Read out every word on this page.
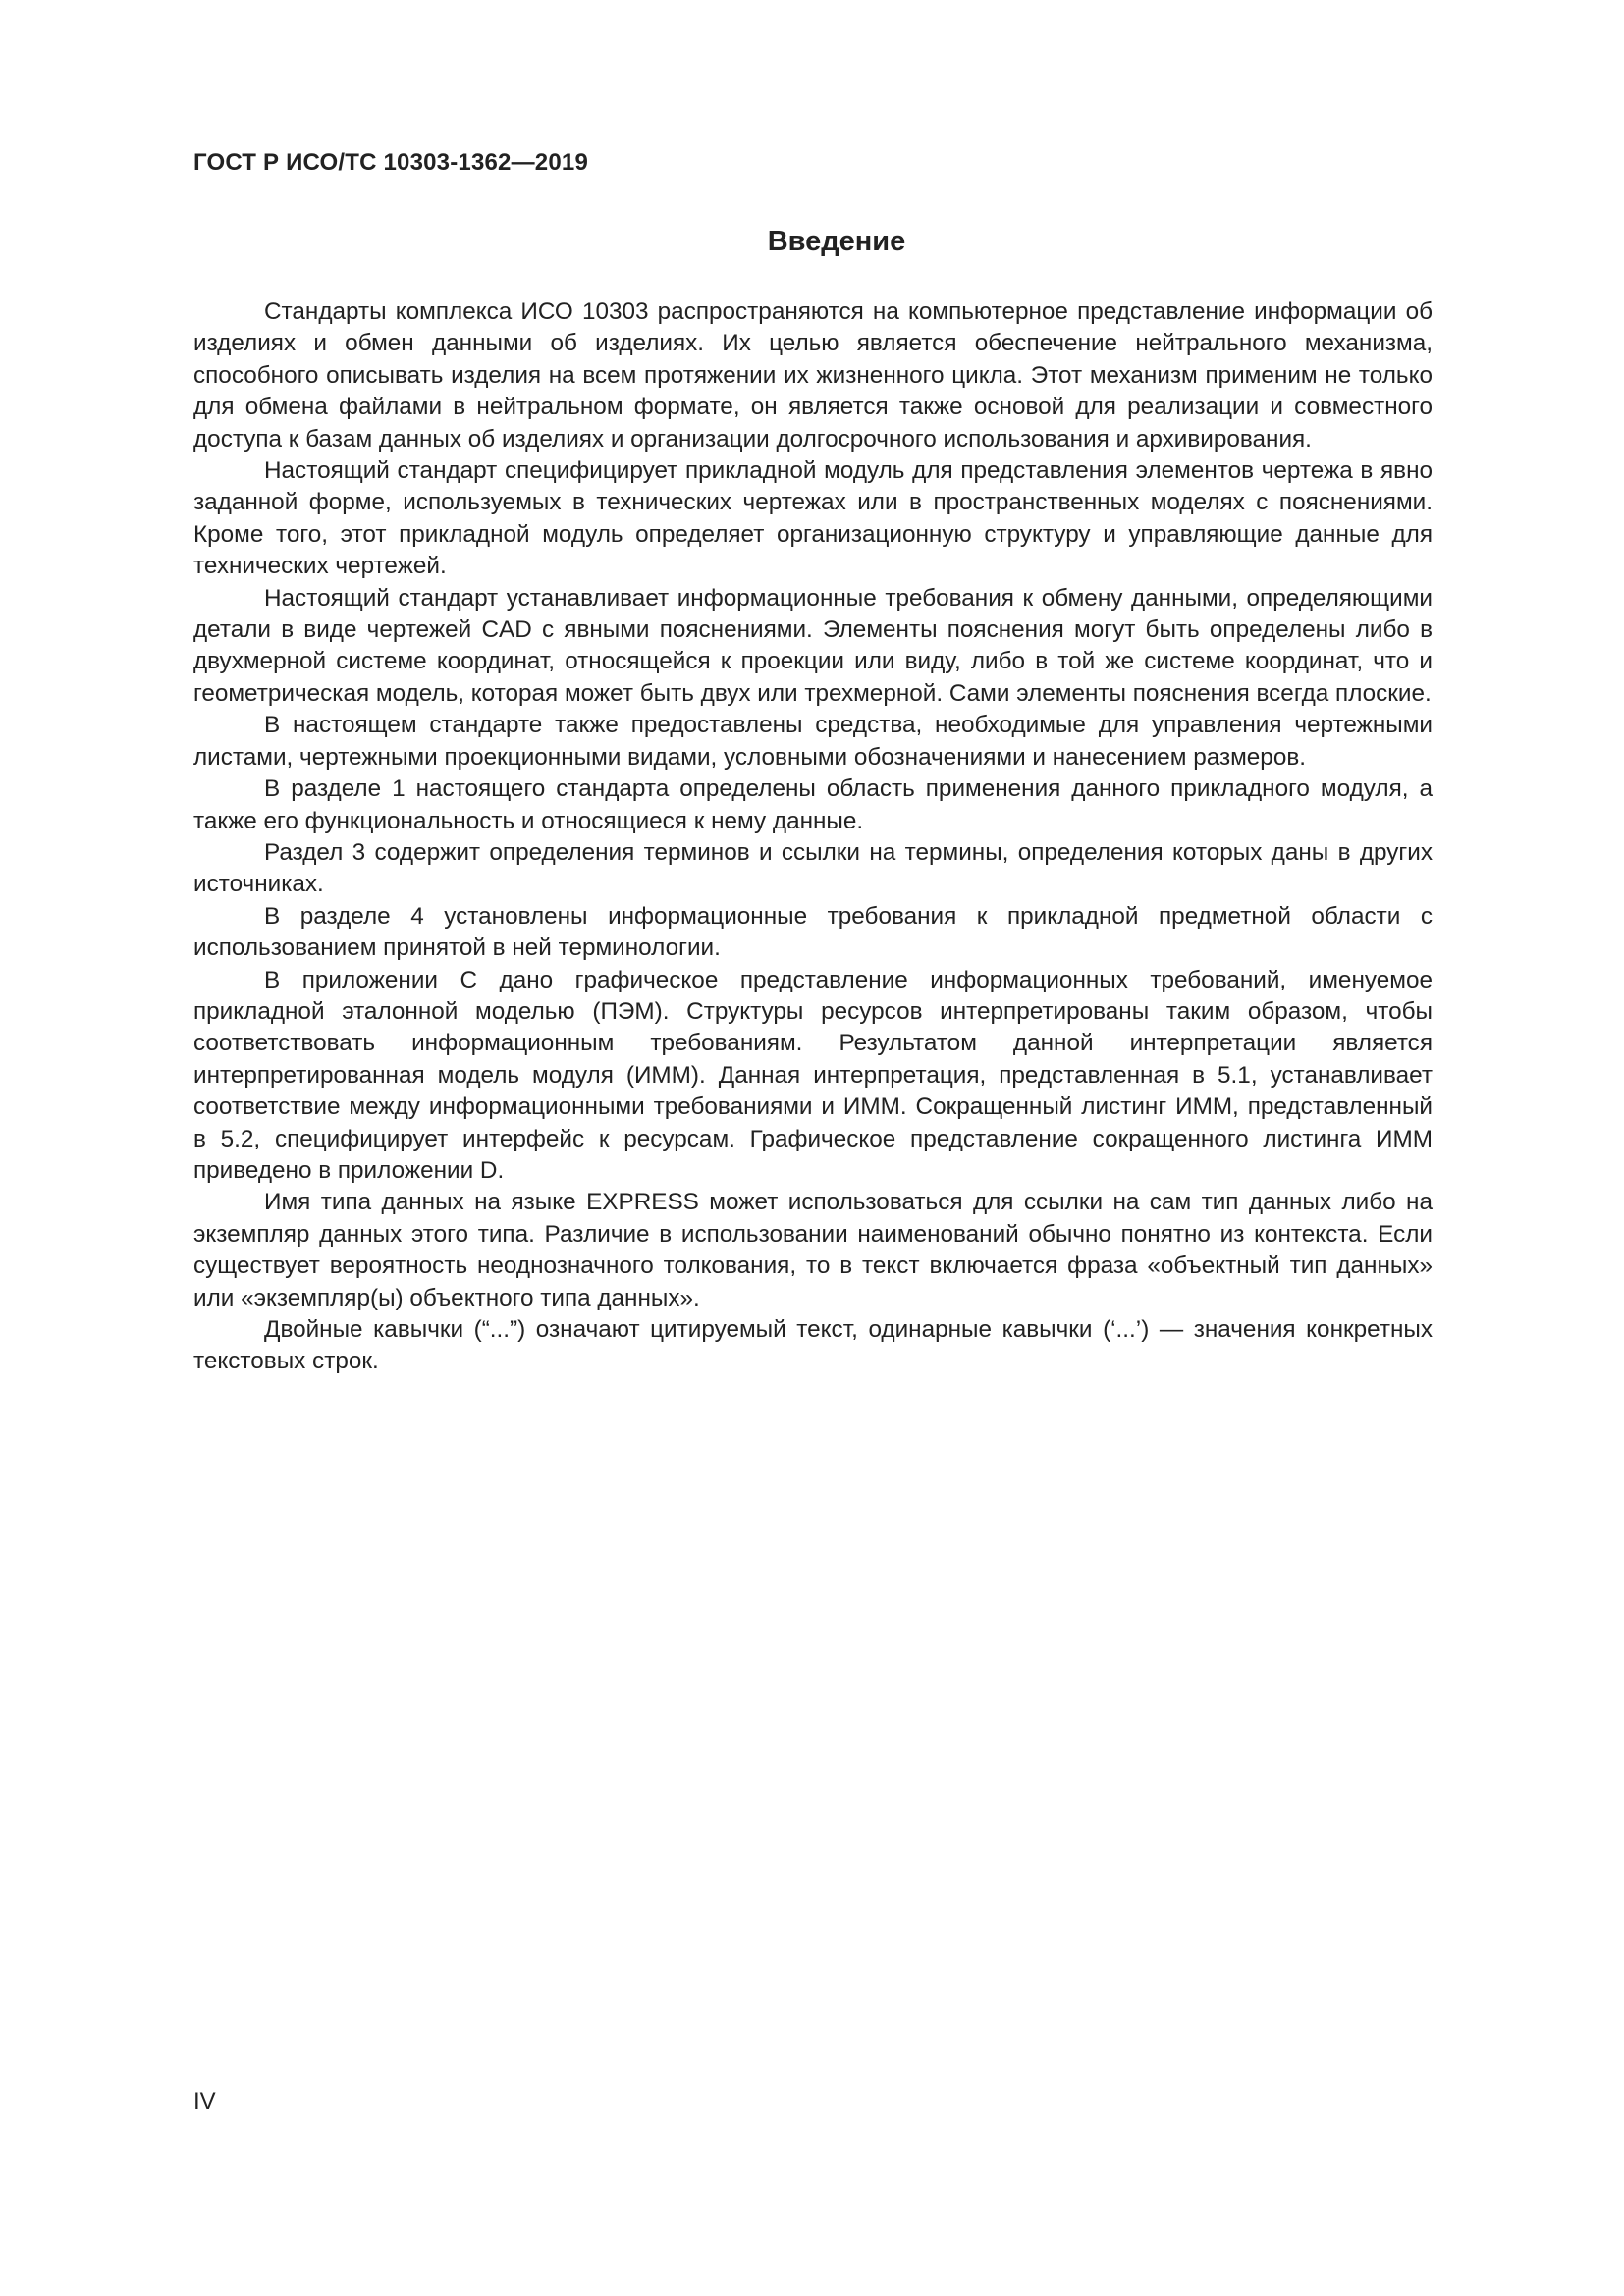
ГОСТ Р ИСО/ТС 10303-1362—2019
Введение

Стандарты комплекса ИСО 10303 распространяются на компьютерное представление информации об изделиях и обмен данными об изделиях. Их целью является обеспечение нейтрального механизма, способного описывать изделия на всем протяжении их жизненного цикла. Этот механизм применим не только для обмена файлами в нейтральном формате, он является также основой для реализации и совместного доступа к базам данных об изделиях и организации долгосрочного использования и архивирования.

Настоящий стандарт специфицирует прикладной модуль для представления элементов чертежа в явно заданной форме, используемых в технических чертежах или в пространственных моделях с пояснениями. Кроме того, этот прикладной модуль определяет организационную структуру и управляющие данные для технических чертежей.

Настоящий стандарт устанавливает информационные требования к обмену данными, определяющими детали в виде чертежей CAD с явными пояснениями. Элементы пояснения могут быть определены либо в двухмерной системе координат, относящейся к проекции или виду, либо в той же системе координат, что и геометрическая модель, которая может быть двух или трехмерной. Сами элементы пояснения всегда плоские.

В настоящем стандарте также предоставлены средства, необходимые для управления чертежными листами, чертежными проекционными видами, условными обозначениями и нанесением размеров.

В разделе 1 настоящего стандарта определены область применения данного прикладного модуля, а также его функциональность и относящиеся к нему данные.

Раздел 3 содержит определения терминов и ссылки на термины, определения которых даны в других источниках.

В разделе 4 установлены информационные требования к прикладной предметной области с использованием принятой в ней терминологии.

В приложении C дано графическое представление информационных требований, именуемое прикладной эталонной моделью (ПЭМ). Структуры ресурсов интерпретированы таким образом, чтобы соответствовать информационным требованиям. Результатом данной интерпретации является интерпретированная модель модуля (ИММ). Данная интерпретация, представленная в 5.1, устанавливает соответствие между информационными требованиями и ИММ. Сокращенный листинг ИММ, представленный в 5.2, специфицирует интерфейс к ресурсам. Графическое представление сокращенного листинга ИММ приведено в приложении D.

Имя типа данных на языке EXPRESS может использоваться для ссылки на сам тип данных либо на экземпляр данных этого типа. Различие в использовании наименований обычно понятно из контекста. Если существует вероятность неоднозначного толкования, то в текст включается фраза «объектный тип данных» или «экземпляр(ы) объектного типа данных».

Двойные кавычки (“...”) означают цитируемый текст, одинарные кавычки (‘...’) — значения конкретных текстовых строк.

IV
